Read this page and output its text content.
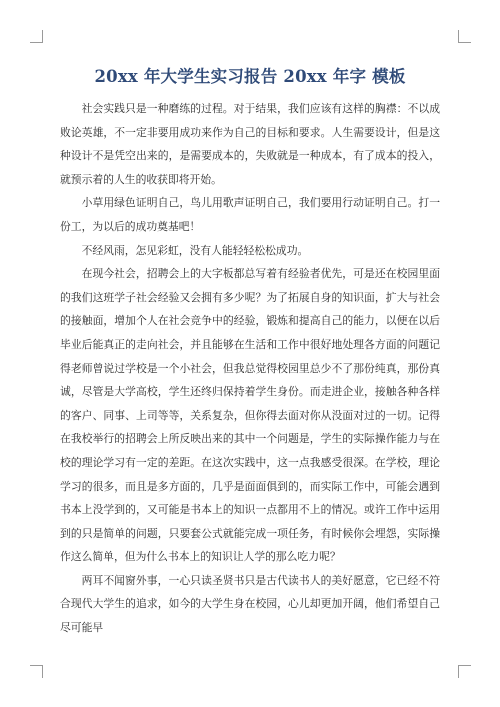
20xx 年大学生实习报告 20xx 年字 模板

社会实践只是一种磨练的过程。对于结果，我们应该有这样的胸襟：不以成败论英雄，不一定非要用成功来作为自己的目标和要求。人生需要设计，但是这种设计不是凭空出来的，是需要成本的，失败就是一种成本，有了成本的投入，就预示着的人生的收获即将开始。

小草用绿色证明自己，鸟儿用歌声证明自己，我们要用行动证明自己。打一份工，为以后的成功奠基吧！

不经风雨，怎见彩虹，没有人能轻轻松松成功。

在现今社会，招聘会上的大字板都总写着有经验者优先，可是还在校园里面的我们这班学子社会经验又会拥有多少呢？为了拓展自身的知识面，扩大与社会的接触面，增加个人在社会竞争中的经验，锻炼和提高自己的能力，以便在以后毕业后能真正的走向社会，并且能够在生活和工作中很好地处理各方面的问题记得老师曾说过学校是一个小社会，但我总觉得校园里总少不了那份纯真，那份真诚，尽管是大学高校，学生还终归保持着学生身份。而走进企业，接触各种各样的客户、同事、上司等等，关系复杂，但你得去面对你从没面对过的一切。记得在我校举行的招聘会上所反映出来的其中一个问题是，学生的实际操作能力与在校的理论学习有一定的差距。在这次实践中，这一点我感受很深。在学校，理论学习的很多，而且是多方面的，几乎是面面俱到的，而实际工作中，可能会遇到书本上没学到的，又可能是书本上的知识一点都用不上的情况。或许工作中运用到的只是简单的问题，只要套公式就能完成一项任务，有时候你会埋怨，实际操作这么简单，但为什么书本上的知识让人学的那么吃力呢？

两耳不闻窗外事，一心只读圣贤书只是古代读书人的美好愿意，它已经不符合现代大学生的追求，如今的大学生身在校园，心儿却更加开阔，他们希望自己尽可能早
